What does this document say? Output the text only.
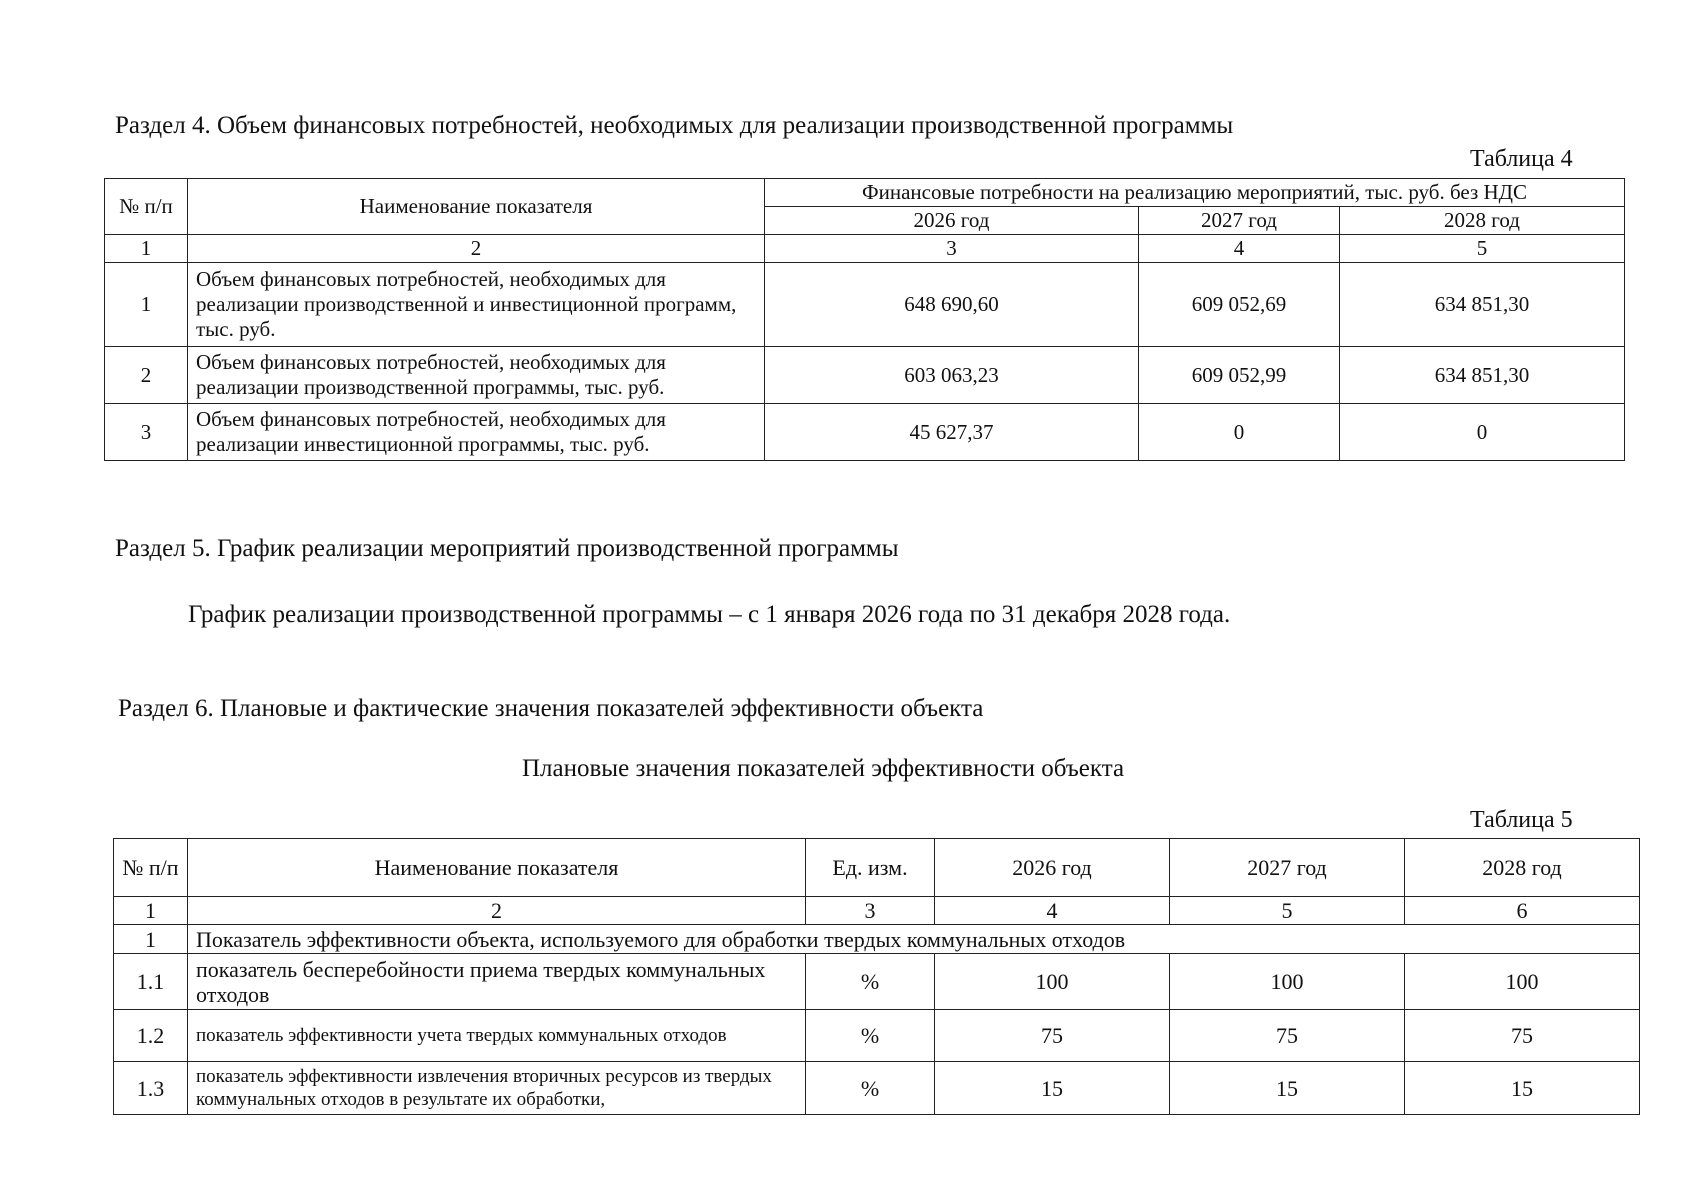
Раздел 4. Объем финансовых потребностей, необходимых для реализации производственной программы
Таблица 4
№ п/п	Наименование показателя	Финансовые потребности на реализацию мероприятий, тыс. руб. без НДС		
		2026 год	2027 год	2028 год
1	2	3	4	5
1	Объем финансовых потребностей, необходимых для реализации производственной и инвестиционной программ, тыс. руб.	648 690,60	609 052,69	634 851,30
2	Объем финансовых потребностей, необходимых для реализации производственной программы, тыс. руб.	603 063,23	609 052,99	634 851,30
3	Объем финансовых потребностей, необходимых для реализации инвестиционной программы, тыс. руб.	45 627,37	0	0
Раздел 5. График реализации мероприятий производственной программы
График реализации производственной программы – с 1 января 2026 года по 31 декабря 2028 года.
Раздел 6. Плановые и фактические значения показателей эффективности объекта
Плановые значения показателей эффективности объекта
Таблица 5
№ п/п	Наименование показателя	Ед. изм.	2026 год	2027 год	2028 год
1	2	3	4	5	6
1	Показатель эффективности объекта, используемого для обработки твердых коммунальных отходов				
1.1	показатель бесперебойности приема твердых коммунальных отходов	%	100	100	100
1.2	показатель эффективности учета твердых коммунальных отходов	%	75	75	75
1.3	показатель эффективности извлечения вторичных ресурсов из твердых коммунальных отходов в результате их обработки,	%	15	15	15
